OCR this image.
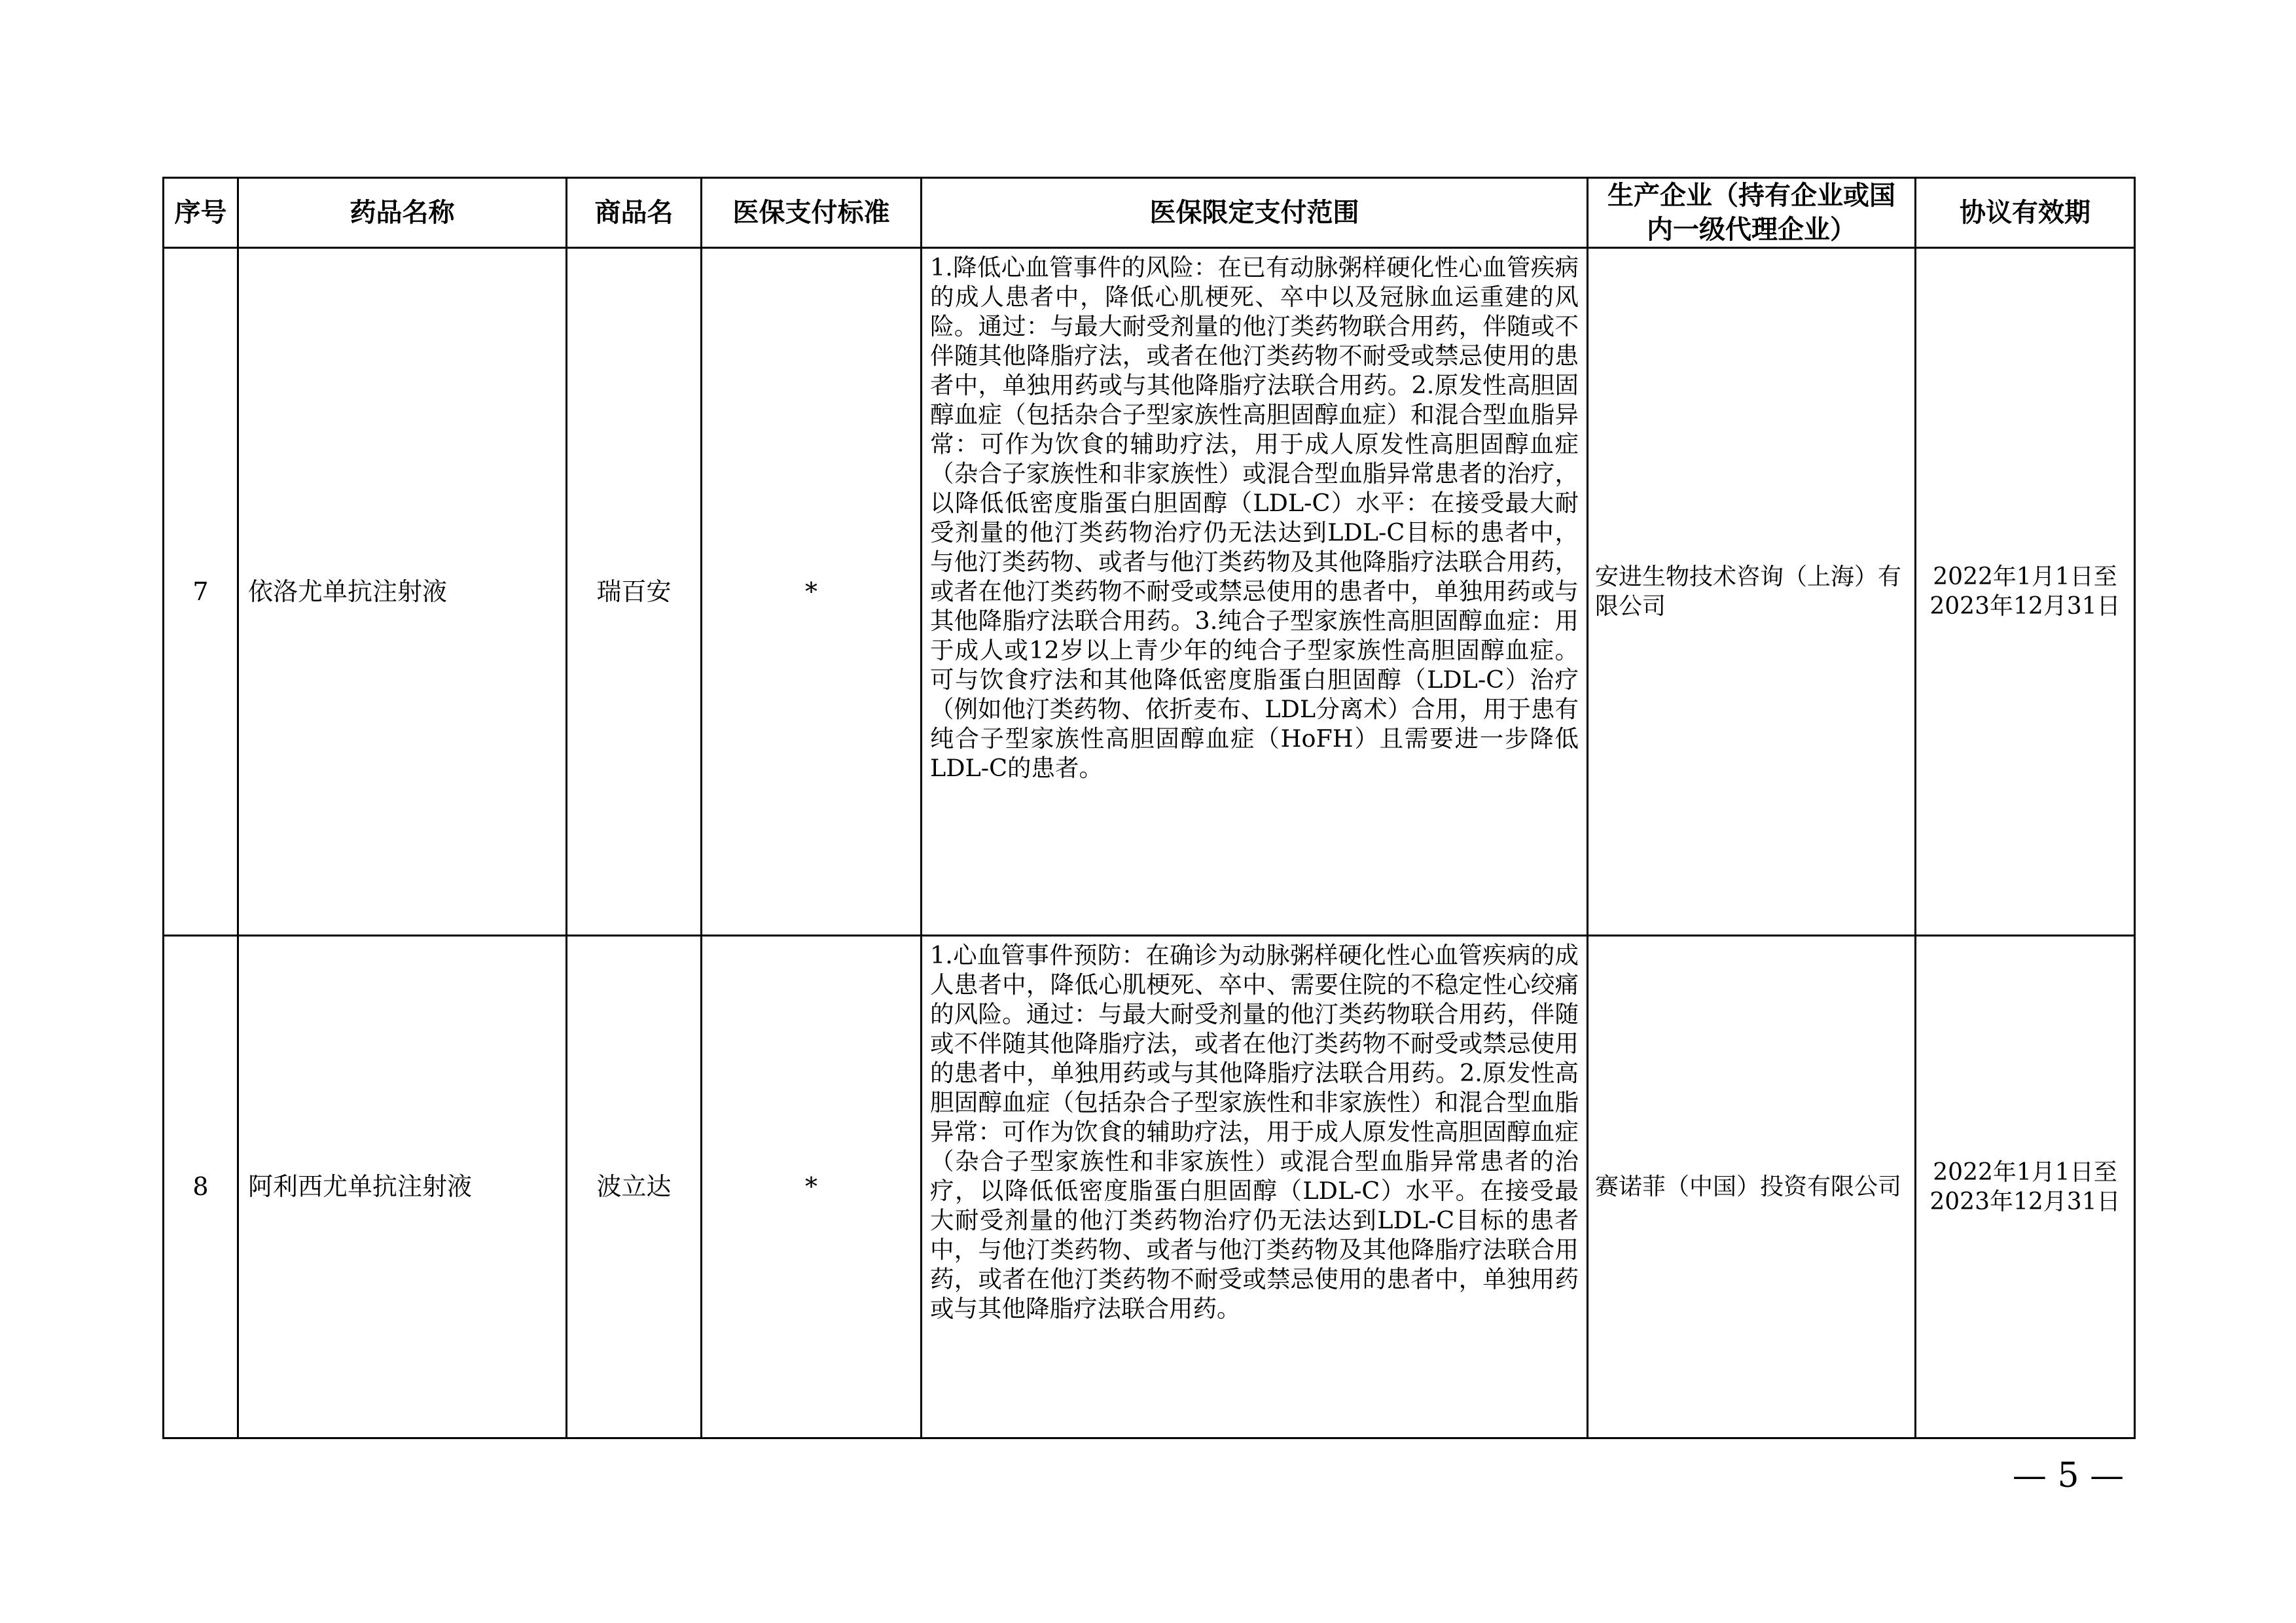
序号	药品名称	商品名	医保支付标准	医保限定支付范围	生产企业（持有企业或国内一级代理企业）	协议有效期
7	依洛尤单抗注射液	瑞百安	*	1.降低心血管事件的风险：在已有动脉粥样硬化性心血管疾病的成人患者中，降低心肌梗死、卒中以及冠脉血运重建的风险。通过：与最大耐受剂量的他汀类药物联合用药，伴随或不伴随其他降脂疗法，或者在他汀类药物不耐受或禁忌使用的患者中，单独用药或与其他降脂疗法联合用药。2.原发性高胆固醇血症（包括杂合子型家族性高胆固醇血症）和混合型血脂异常：可作为饮食的辅助疗法，用于成人原发性高胆固醇血症（杂合子家族性和非家族性）或混合型血脂异常患者的治疗，以降低低密度脂蛋白胆固醇（LDL-C）水平：在接受最大耐受剂量的他汀类药物治疗仍无法达到LDL-C目标的患者中，与他汀类药物、或者与他汀类药物及其他降脂疗法联合用药，或者在他汀类药物不耐受或禁忌使用的患者中，单独用药或与其他降脂疗法联合用药。3.纯合子型家族性高胆固醇血症：用于成人或12岁以上青少年的纯合子型家族性高胆固醇血症。可与饮食疗法和其他降低密度脂蛋白胆固醇（LDL-C）治疗（例如他汀类药物、依折麦布、LDL分离术）合用，用于患有纯合子型家族性高胆固醇血症（HoFH）且需要进一步降低LDL-C的患者。	安进生物技术咨询（上海）有限公司	2022年1月1日至2023年12月31日
8	阿利西尤单抗注射液	波立达	*	1.心血管事件预防：在确诊为动脉粥样硬化性心血管疾病的成人患者中，降低心肌梗死、卒中、需要住院的不稳定性心绞痛的风险。通过：与最大耐受剂量的他汀类药物联合用药，伴随或不伴随其他降脂疗法，或者在他汀类药物不耐受或禁忌使用的患者中，单独用药或与其他降脂疗法联合用药。2.原发性高胆固醇血症（包括杂合子型家族性和非家族性）和混合型血脂异常：可作为饮食的辅助疗法，用于成人原发性高胆固醇血症（杂合子型家族性和非家族性）或混合型血脂异常患者的治疗，以降低低密度脂蛋白胆固醇（LDL-C）水平。在接受最大耐受剂量的他汀类药物治疗仍无法达到LDL-C目标的患者中，与他汀类药物、或者与他汀类药物及其他降脂疗法联合用药，或者在他汀类药物不耐受或禁忌使用的患者中，单独用药或与其他降脂疗法联合用药。	赛诺菲（中国）投资有限公司	2022年1月1日至2023年12月31日
— 5 —
